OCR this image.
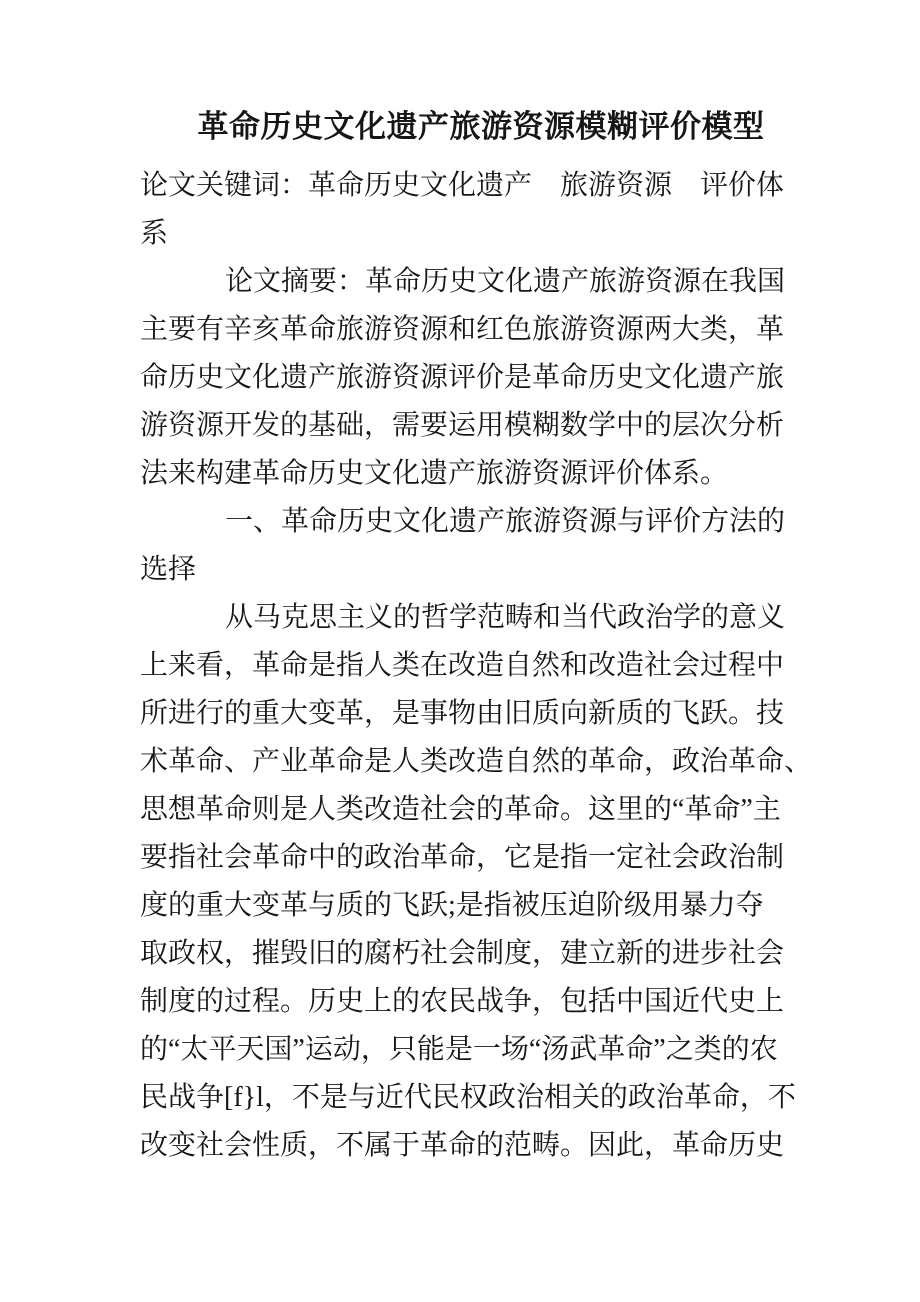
革命历史文化遗产旅游资源模糊评价模型
论文关键词：革命历史文化遗产　旅游资源　评价体
系
论文摘要：革命历史文化遗产旅游资源在我国
主要有辛亥革命旅游资源和红色旅游资源两大类，革
命历史文化遗产旅游资源评价是革命历史文化遗产旅
游资源开发的基础，需要运用模糊数学中的层次分析
法来构建革命历史文化遗产旅游资源评价体系。
一、革命历史文化遗产旅游资源与评价方法的
选择
从马克思主义的哲学范畴和当代政治学的意义
上来看，革命是指人类在改造自然和改造社会过程中
所进行的重大变革，是事物由旧质向新质的飞跃。技
术革命、产业革命是人类改造自然的革命，政治革命、
思想革命则是人类改造社会的革命。这里的“革命”主
要指社会革命中的政治革命，它是指一定社会政治制
度的重大变革与质的飞跃;是指被压迫阶级用暴力夺
取政权，摧毁旧的腐朽社会制度，建立新的进步社会
制度的过程。历史上的农民战争，包括中国近代史上
的“太平天国”运动，只能是一场“汤武革命”之类的农
民战争[f}l，不是与近代民权政治相关的政治革命，不
改变社会性质，不属于革命的范畴。因此，革命历史
